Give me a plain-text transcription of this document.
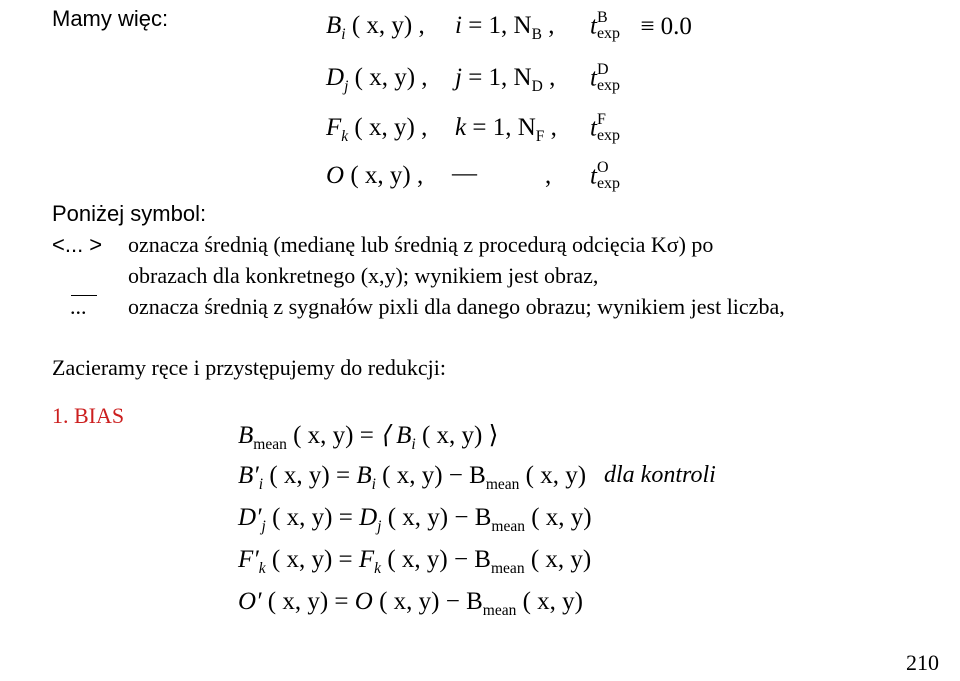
Mamy więc:	$B_i$ ( x, y) , i = 1, $N_B$ , t B
exp ≡ 0.0
$D_j$ ( x, y) , j = 1, $N_D$ , t D
exp
$F_k$ ( x, y) , k = 1, $N_F$ , t F
exp
O ( x, y) , —	, t O
exp
Poniżej symbol:
<... > oznacza średnią (medianę lub średnią z procedurą odcięcia Kσ) po
obrazach dla konkretnego (x,y); wynikiem jest obraz,
... oznacza średnią z sygnałów pixli dla danego obrazu; wynikiem jest liczba,
Zacieramy ręce i przystępujemy do redukcji:
1. BIAS
$B_{mean}$ ( x, y) = ⟨ $B_i$ ( x, y) ⟩
$B'_i$ ( x, $y) = B_i$ ( x, $y) - B_{mean}$ ( x, y) dla kontroli
$D'_j$ ( x, $y) = D_j$ ( x, $y) - B_{mean}$ ( x, y)
$F'_k$ ( x, $y) = F_k$ ( x, $y) - B_{mean}$ ( x, y)
O′ ( x, y) = O ( x, $y) - B_{mean}$ ( x, y)
210
